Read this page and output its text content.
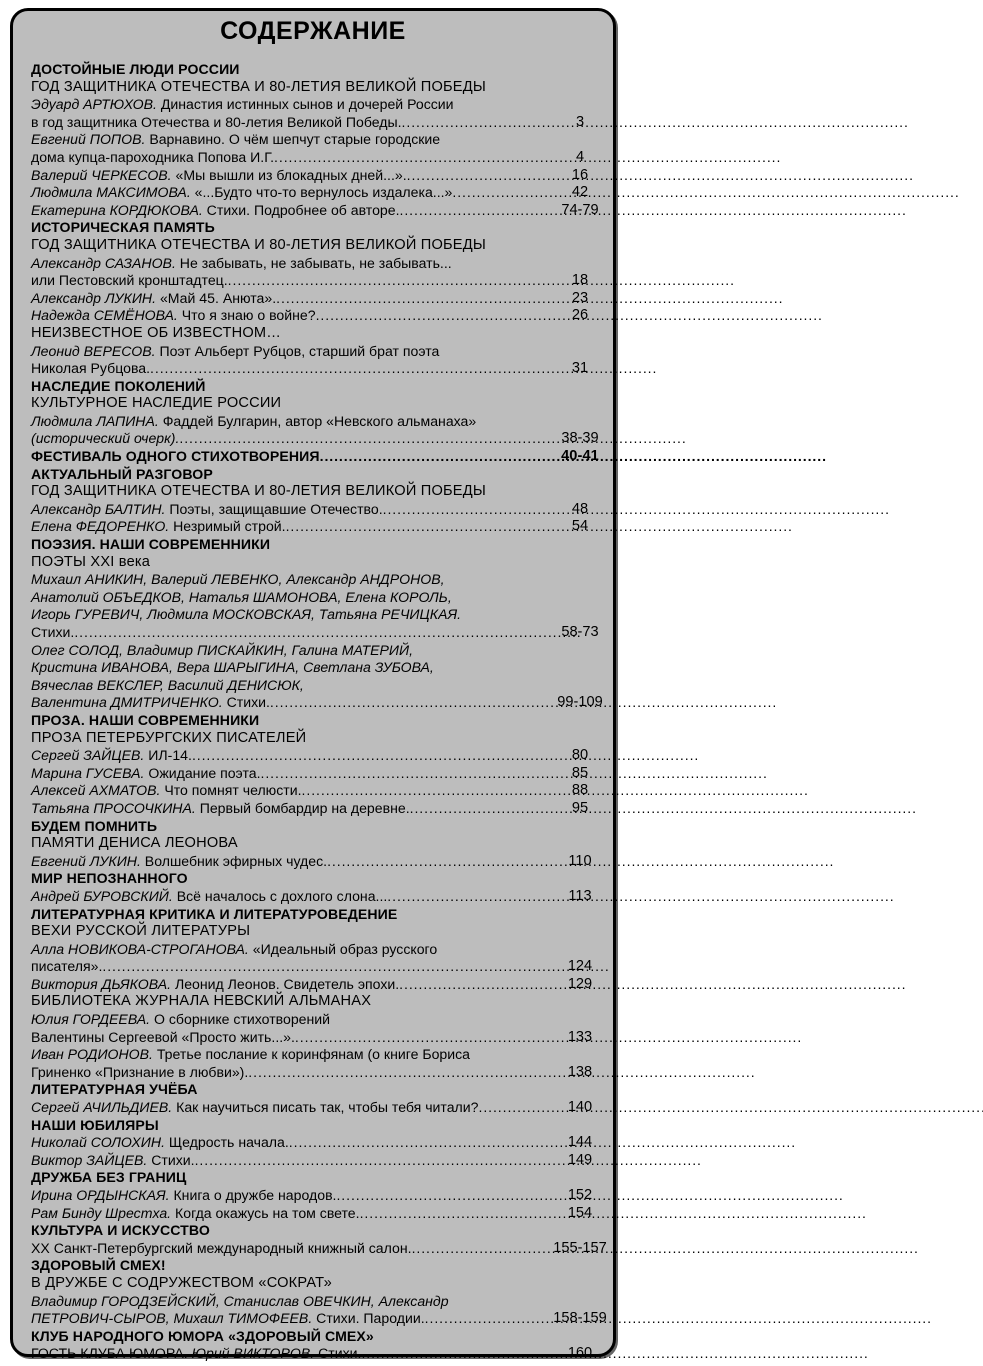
СОДЕРЖАНИЕ
ДОСТОЙНЫЕ ЛЮДИ РОССИИ
ГОД ЗАЩИТНИКА ОТЕЧЕСТВА И 80-ЛЕТИЯ ВЕЛИКОЙ ПОБЕДЫ
Эдуард АРТЮХОВ. Династия истинных сынов и дочерей России
в год защитника Отечества и 80-летия Великой Победы. . . .	3
Евгений ПОПОВ. Варнавино. О чём шепчут старые городские
дома купца-пароходника Попова И.Г. . . .	4
Валерий ЧЕРКЕСОВ. «Мы вышли из блокадных дней...». . . .	16
Людмила МАКСИМОВА. «...Будто что-то вернулось издалека...» . . .	42
Екатерина КОРДЮКОВА. Стихи. Подробнее об авторе. . . .	74-79
ИСТОРИЧЕСКАЯ ПАМЯТЬ
ГОД ЗАЩИТНИКА ОТЕЧЕСТВА И 80-ЛЕТИЯ ВЕЛИКОЙ ПОБЕДЫ
Александр САЗАНОВ. Не забывать, не забывать, не забывать...
или Пестовский кронштадтец. . . .	18
Александр ЛУКИН. «Май 45. Анюта». . . .	23
Надежда СЕМЁНОВА. Что я знаю о войне? . . .	26
НЕИЗВЕСТНОЕ ОБ ИЗВЕСТНОМ…
Леонид ВЕРЕСОВ. Поэт Альберт Рубцов, старший брат поэта
Николая Рубцова. . . .	31
НАСЛЕДИЕ ПОКОЛЕНИЙ
КУЛЬТУРНОЕ НАСЛЕДИЕ РОССИИ
Людмила ЛАПИНА. Фаддей Булгарин, автор «Невского альманаха»
(исторический очерк). . . .	38-39
ФЕСТИВАЛЬ ОДНОГО СТИХОТВОРЕНИЯ . . .	40-41
АКТУАЛЬНЫЙ РАЗГОВОР
ГОД ЗАЩИТНИКА ОТЕЧЕСТВА И 80-ЛЕТИЯ ВЕЛИКОЙ ПОБЕДЫ
Александр БАЛТИН. Поэты, защищавшие Отечество. . . .	48
Елена ФЕДОРЕНКО. Незримый строй. . . .	54
ПОЭЗИЯ. НАШИ СОВРЕМЕННИКИ
ПОЭТЫ XXI века
Михаил АНИКИН, Валерий ЛЕВЕНКО, Александр АНДРОНОВ,
Анатолий ОБЪЕДКОВ, Наталья ШАМОНОВА, Елена КОРОЛЬ,
Игорь ГУРЕВИЧ, Людмила МОСКОВСКАЯ, Татьяна РЕЧИЦКАЯ.
Стихи. . . .	58-73
Олег СОЛОД, Владимир ПИСКАЙКИН, Галина МАТЕРИЙ,
Кристина ИВАНОВА, Вера ШАРЫГИНА, Светлана ЗУБОВА,
Вячеслав ВЕКСЛЕР, Василий ДЕНИСЮК,
Валентина ДМИТРИЧЕНКО. Стихи. . . .	99-109
ПРОЗА. НАШИ СОВРЕМЕННИКИ
ПРОЗА ПЕТЕРБУРГСКИХ ПИСАТЕЛЕЙ
Сергей ЗАЙЦЕВ. ИЛ-14. . . .	80
Марина ГУСЕВА. Ожидание поэта. . . .	85
Алексей АХМАТОВ. Что помнят челюсти. . . .	88
Татьяна ПРОСОЧКИНА. Первый бомбардир на деревне. . . .	95
БУДЕМ ПОМНИТЬ
ПАМЯТИ ДЕНИСА ЛЕОНОВА
Евгений ЛУКИН. Волшебник эфирных чудес. . . .	110
МИР НЕПОЗНАННОГО
Андрей БУРОВСКИЙ. Всё началось с дохлого слона... . . .	113
ЛИТЕРАТУРНАЯ КРИТИКА И ЛИТЕРАТУРОВЕДЕНИЕ
ВЕХИ РУССКОЙ ЛИТЕРАТУРЫ
Алла НОВИКОВА-СТРОГАНОВА. «Идеальный образ русского
писателя». . . .	124
Виктория ДЬЯКОВА. Леонид Леонов. Свидетель эпохи. . . .	129
БИБЛИОТЕКА ЖУРНАЛА НЕВСКИЙ АЛЬМАНАХ
Юлия ГОРДЕЕВА. О сборнике стихотворений
Валентины Сергеевой «Просто жить...». . . .	133
Иван РОДИОНОВ. Третье послание к коринфянам (о книге Бориса
Гриненко «Признание в любви»). . . .	138
ЛИТЕРАТУРНАЯ УЧЁБА
Сергей АЧИЛЬДИЕВ. Как научиться писать так, чтобы тебя читали? . . .	140
НАШИ ЮБИЛЯРЫ
Николай СОЛОХИН. Щедрость начала. . . .	144
Виктор ЗАЙЦЕВ. Стихи. . . .	149
ДРУЖБА БЕЗ ГРАНИЦ
Ирина ОРДЫНСКАЯ. Книга о дружбе народов. . . .	152
Рам Бинду Шрестха. Когда окажусь на том свете. . . .	154
КУЛЬТУРА И ИСКУССТВО
XX Санкт-Петербургский международный книжный салон. . . .	155-157
ЗДОРОВЫЙ СМЕХ!
В ДРУЖБЕ С СОДРУЖЕСТВОМ «СОКРАТ»
Владимир ГОРОДЗЕЙСКИЙ, Станислав ОВЕЧКИН, Александр
ПЕТРОВИЧ-СЫРОВ, Михаил ТИМОФЕЕВ. Стихи. Пародии. . . .	158-159
КЛУБ НАРОДНОГО ЮМОРА «ЗДОРОВЫЙ СМЕХ»
ГОСТЬ КЛУБА ЮМОРА. Юрий ВИКТОРОВ. Стихи. . . .	160
